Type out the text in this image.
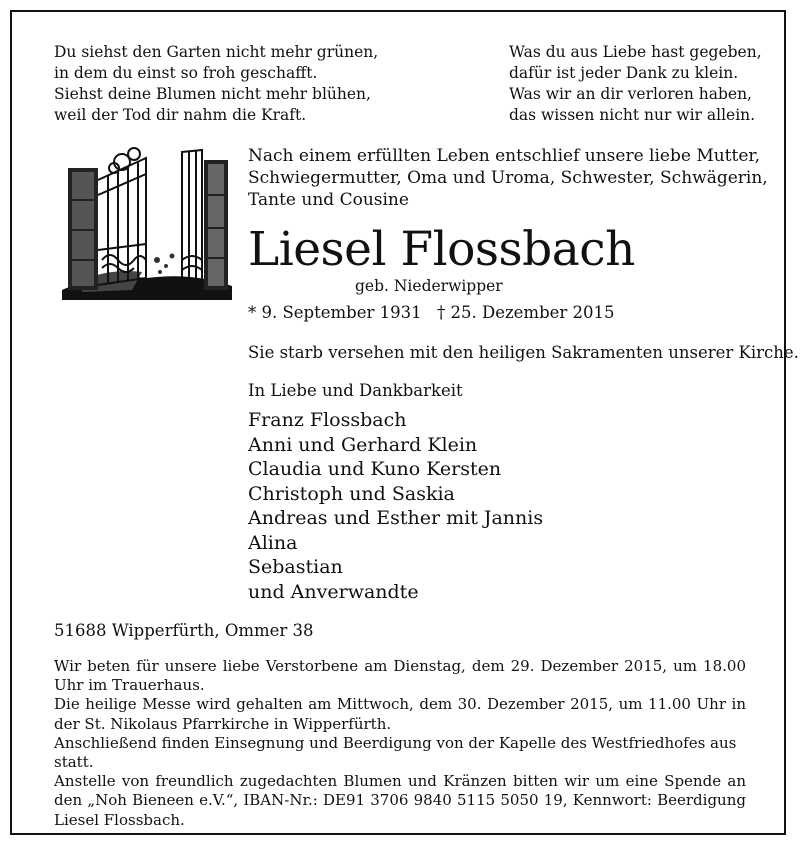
Du siehst den Garten nicht mehr grünen,
in dem du einst so froh geschafft.
Siehst deine Blumen nicht mehr blühen,
weil der Tod dir nahm die Kraft.
Was du aus Liebe hast gegeben,
dafür ist jeder Dank zu klein.
Was wir an dir verloren haben,
das wissen nicht nur wir allein.
Nach einem erfüllten Leben entschlief unsere liebe Mutter,
Schwiegermutter, Oma und Uroma, Schwester, Schwägerin,
Tante und Cousine
Liesel Flossbach
geb. Niederwipper
* 9. September 1931 † 25. Dezember 2015
Sie starb versehen mit den heiligen Sakramenten unserer Kirche.
In Liebe und Dankbarkeit
Franz Flossbach
Anni und Gerhard Klein
Claudia und Kuno Kersten
Christoph und Saskia
Andreas und Esther mit Jannis
Alina
Sebastian
und Anverwandte
51688 Wipperfürth, Ommer 38

Wir beten für unsere liebe Verstorbene am Dienstag, dem 29. Dezember 2015, um 18.00 Uhr im Trauerhaus.

Die heilige Messe wird gehalten am Mittwoch, dem 30. Dezember 2015, um 11.00 Uhr in der St. Nikolaus Pfarrkirche in Wipperfürth.

Anschließend finden Einsegnung und Beerdigung von der Kapelle des Westfriedhofes aus statt.

Anstelle von freundlich zugedachten Blumen und Kränzen bitten wir um eine Spende an den „Noh Bieneen e.V.“, IBAN-Nr.: DE91 3706 9840 5115 5050 19, Kennwort: Beerdigung Liesel Flossbach.
